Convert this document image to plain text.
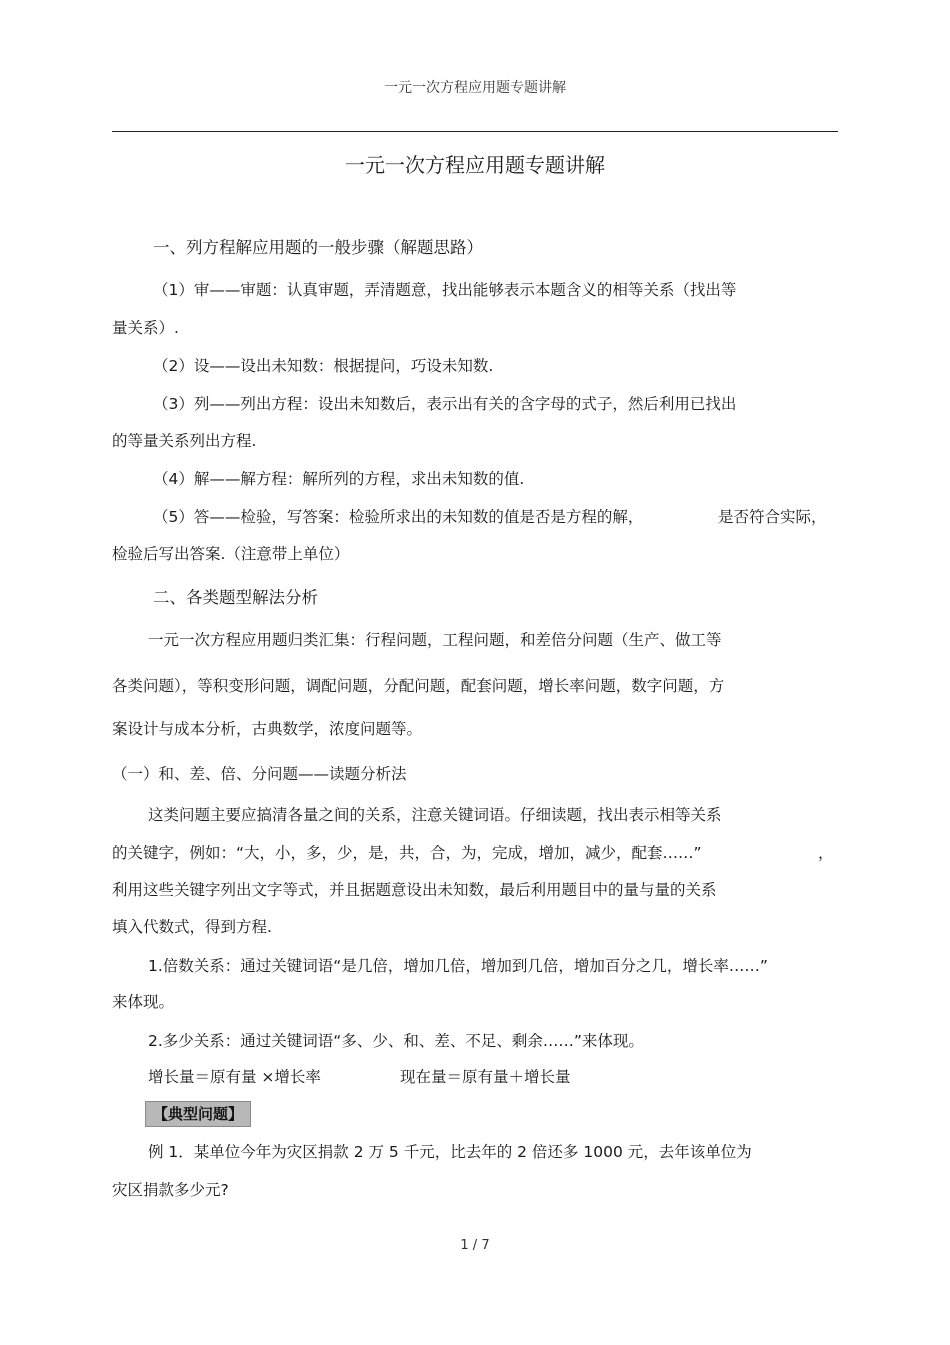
一元一次方程应用题专题讲解
一元一次方程应用题专题讲解
一、列方程解应用题的一般步骤（解题思路）
（1）审——审题：认真审题，弄清题意，找出能够表示本题含义的相等关系（找出等
量关系）.
（2）设——设出未知数：根据提问，巧设未知数.
（3）列——列出方程：设出未知数后，表示出有关的含字母的式子，然后利用已找出
的等量关系列出方程.
（4）解——解方程：解所列的方程，求出未知数的值.
（5）答——检验，写答案：检验所求出的未知数的值是否是方程的解，	是否符合实际，
检验后写出答案.（注意带上单位）
二、各类题型解法分析
一元一次方程应用题归类汇集：行程问题，工程问题，和差倍分问题（生产、做工等
各类问题），等积变形问题，调配问题，分配问题，配套问题，增长率问题，数字问题，方
案设计与成本分析，古典数学，浓度问题等。
（一）和、差、倍、分问题——读题分析法
这类问题主要应搞清各量之间的关系，注意关键词语。仔细读题，找出表示相等关系
的关键字，例如：“大，小，多，少，是，共，合，为，完成，增加，减少，配套……”	，
利用这些关键字列出文字等式，并且据题意设出未知数，最后利用题目中的量与量的关系
填入代数式，得到方程.
1.倍数关系：通过关键词语“是几倍，增加几倍，增加到几倍，增加百分之几，增长率……”
来体现。
2.多少关系：通过关键词语“多、少、和、差、不足、剩余……”来体现。
增长量＝原有量 ×增长率	现在量＝原有量＋增长量
【典型问题】
例 1．某单位今年为灾区捐款 2 万 5 千元，比去年的 2 倍还多 1000 元，去年该单位为
灾区捐款多少元?
1 / 7
